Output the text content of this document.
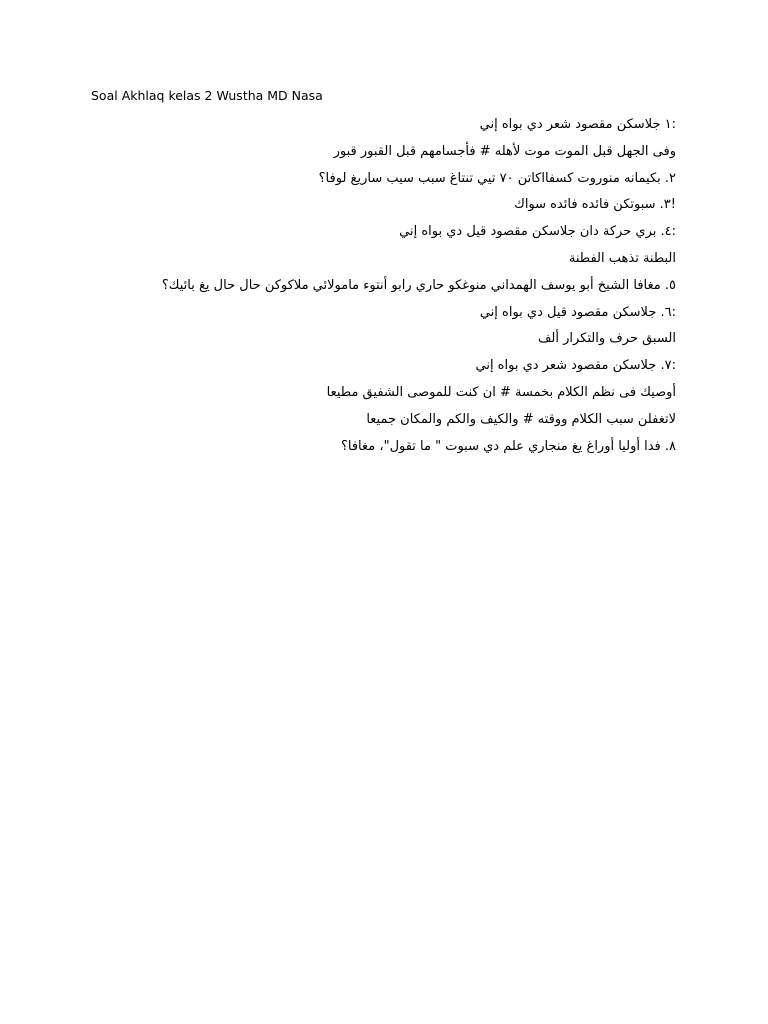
Soal Akhlaq kelas 2 Wustha MD Nasa
:١ جلاسكن مقصود شعر دي بواه إني
وفى الجهل قبل الموت موت لأهله # فأجسامهم قبل القبور قبور
٢. بكيمانه منوروت كسفااكاتن ٧٠ تيي تنتاغ سبب سيب ساريغ لوفا؟
!٣. سبوتكن فائده فائده سواك
:٤. بري حركة دان جلاسكن مقصود قيل دي بواه إني
البطنة تذهب الفطنة
٥. مغافا الشيخ أبو يوسف الهمداني منوغكو حاري رابو أنتوء مامولائي ملاكوكن حال حال يغ بائيك؟
:٦. جلاسكن مقصود قيل دي بواه إني
السبق حرف والتكرار ألف
:٧. جلاسكن مقصود شعر دي بواه إني
أوصيك فى نظم الكلام بخمسة # ان كنت للموصى الشفيق مطيعا
لاتغفلن سبب الكلام ووقته # والكيف والكم والمكان جميعا
٨. فدا أوليا أوراغ يغ منجاري علم دي سبوت " ما تقول"، مغافا؟
